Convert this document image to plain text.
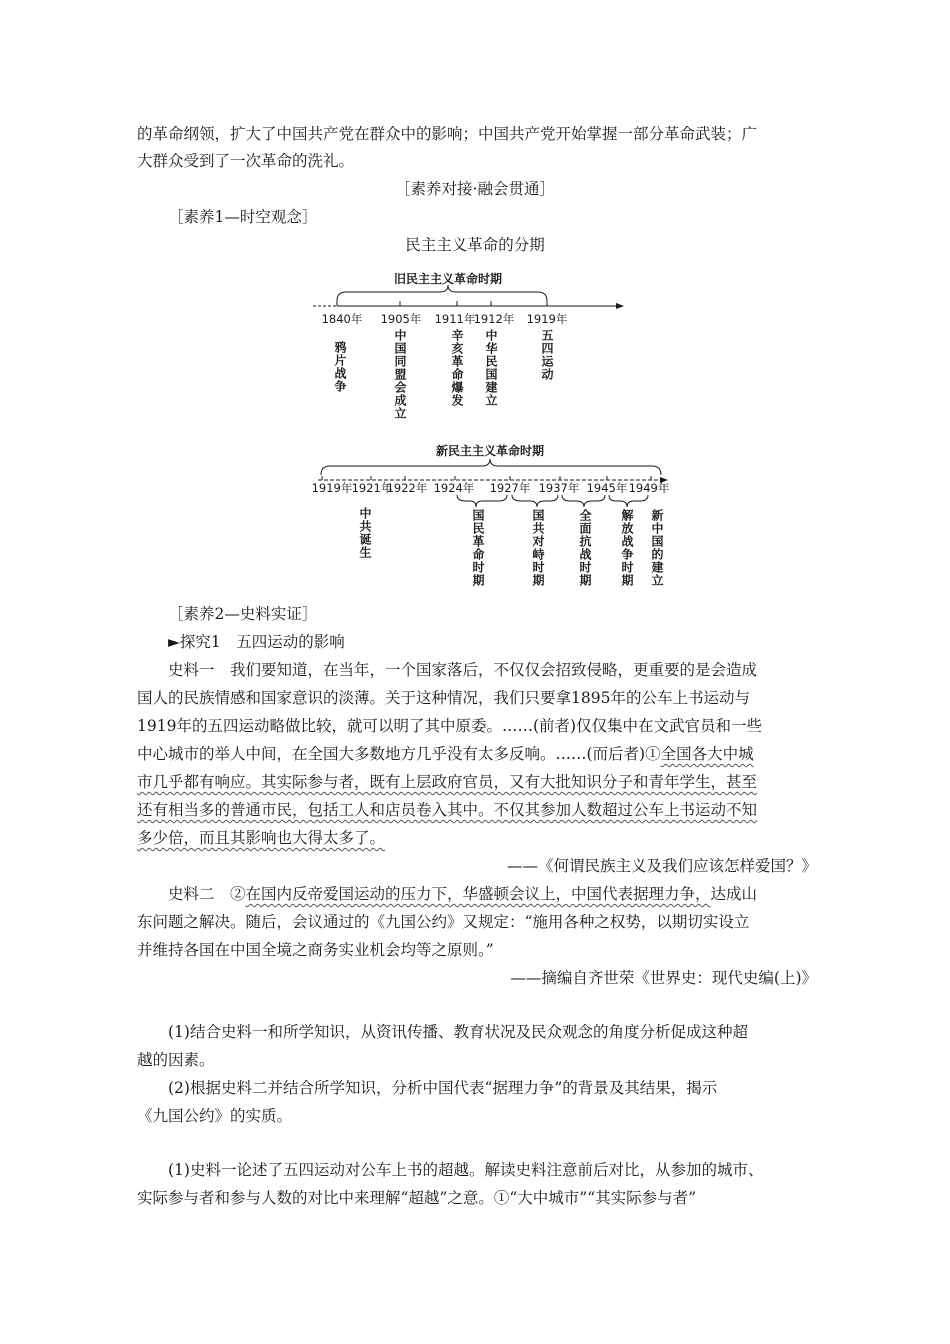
的革命纲领，扩大了中国共产党在群众中的影响；中国共产党开始掌握一部分革命武装；广
大群众受到了一次革命的洗礼。
［素养对接·融会贯通］
［素养1—时空观念］
民主主义革命的分期
旧民主主义革命时期
1840年 1905年 1911年
1912年 1919年
鸦片战争	中国同盟会成立	辛亥革命爆发 中华民国建立	五四运动
新民主主义革命时期
1919年 1921年
1922年 1924年 1927年 1937年 1945年 1949年
中共诞生	国民革命时期	国共对峙时期	全面抗战时期 解放战争时期 新中国的建立
［素养2—史料实证］
►探究1　五四运动的影响
史料一　我们要知道，在当年，一个国家落后，不仅仅会招致侵略，更重要的是会造成
国人的民族情感和国家意识的淡薄。关于这种情况，我们只要拿1895年的公车上书运动与
1919年的五四运动略做比较，就可以明了其中原委。……(前者)仅仅集中在文武官员和一些
中心城市的举人中间，在全国大多数地方几乎没有太多反响。……(而后者)①全国各大中城
市几乎都有响应。其实际参与者，既有上层政府官员，又有大批知识分子和青年学生，甚至
还有相当多的普通市民，包括工人和店员卷入其中。不仅其参加人数超过公车上书运动不知
多少倍，而且其影响也大得太多了。
——《何谓民族主义及我们应该怎样爱国？》
史料二　②在国内反帝爱国运动的压力下，华盛顿会议上，中国代表据理力争，达成山
东问题之解决。随后，会议通过的《九国公约》又规定：“施用各种之权势，以期切实设立
并维持各国在中国全境之商务实业机会均等之原则。”
——摘编自齐世荣《世界史：现代史编(上)》
(1)结合史料一和所学知识，从资讯传播、教育状况及民众观念的角度分析促成这种超
越的因素。
(2)根据史料二并结合所学知识，分析中国代表“据理力争”的背景及其结果，揭示
《九国公约》的实质。
(1)史料一论述了五四运动对公车上书的超越。解读史料注意前后对比，从参加的城市、
实际参与者和参与人数的对比中来理解“超越”之意。①“大中城市”“其实际参与者”
